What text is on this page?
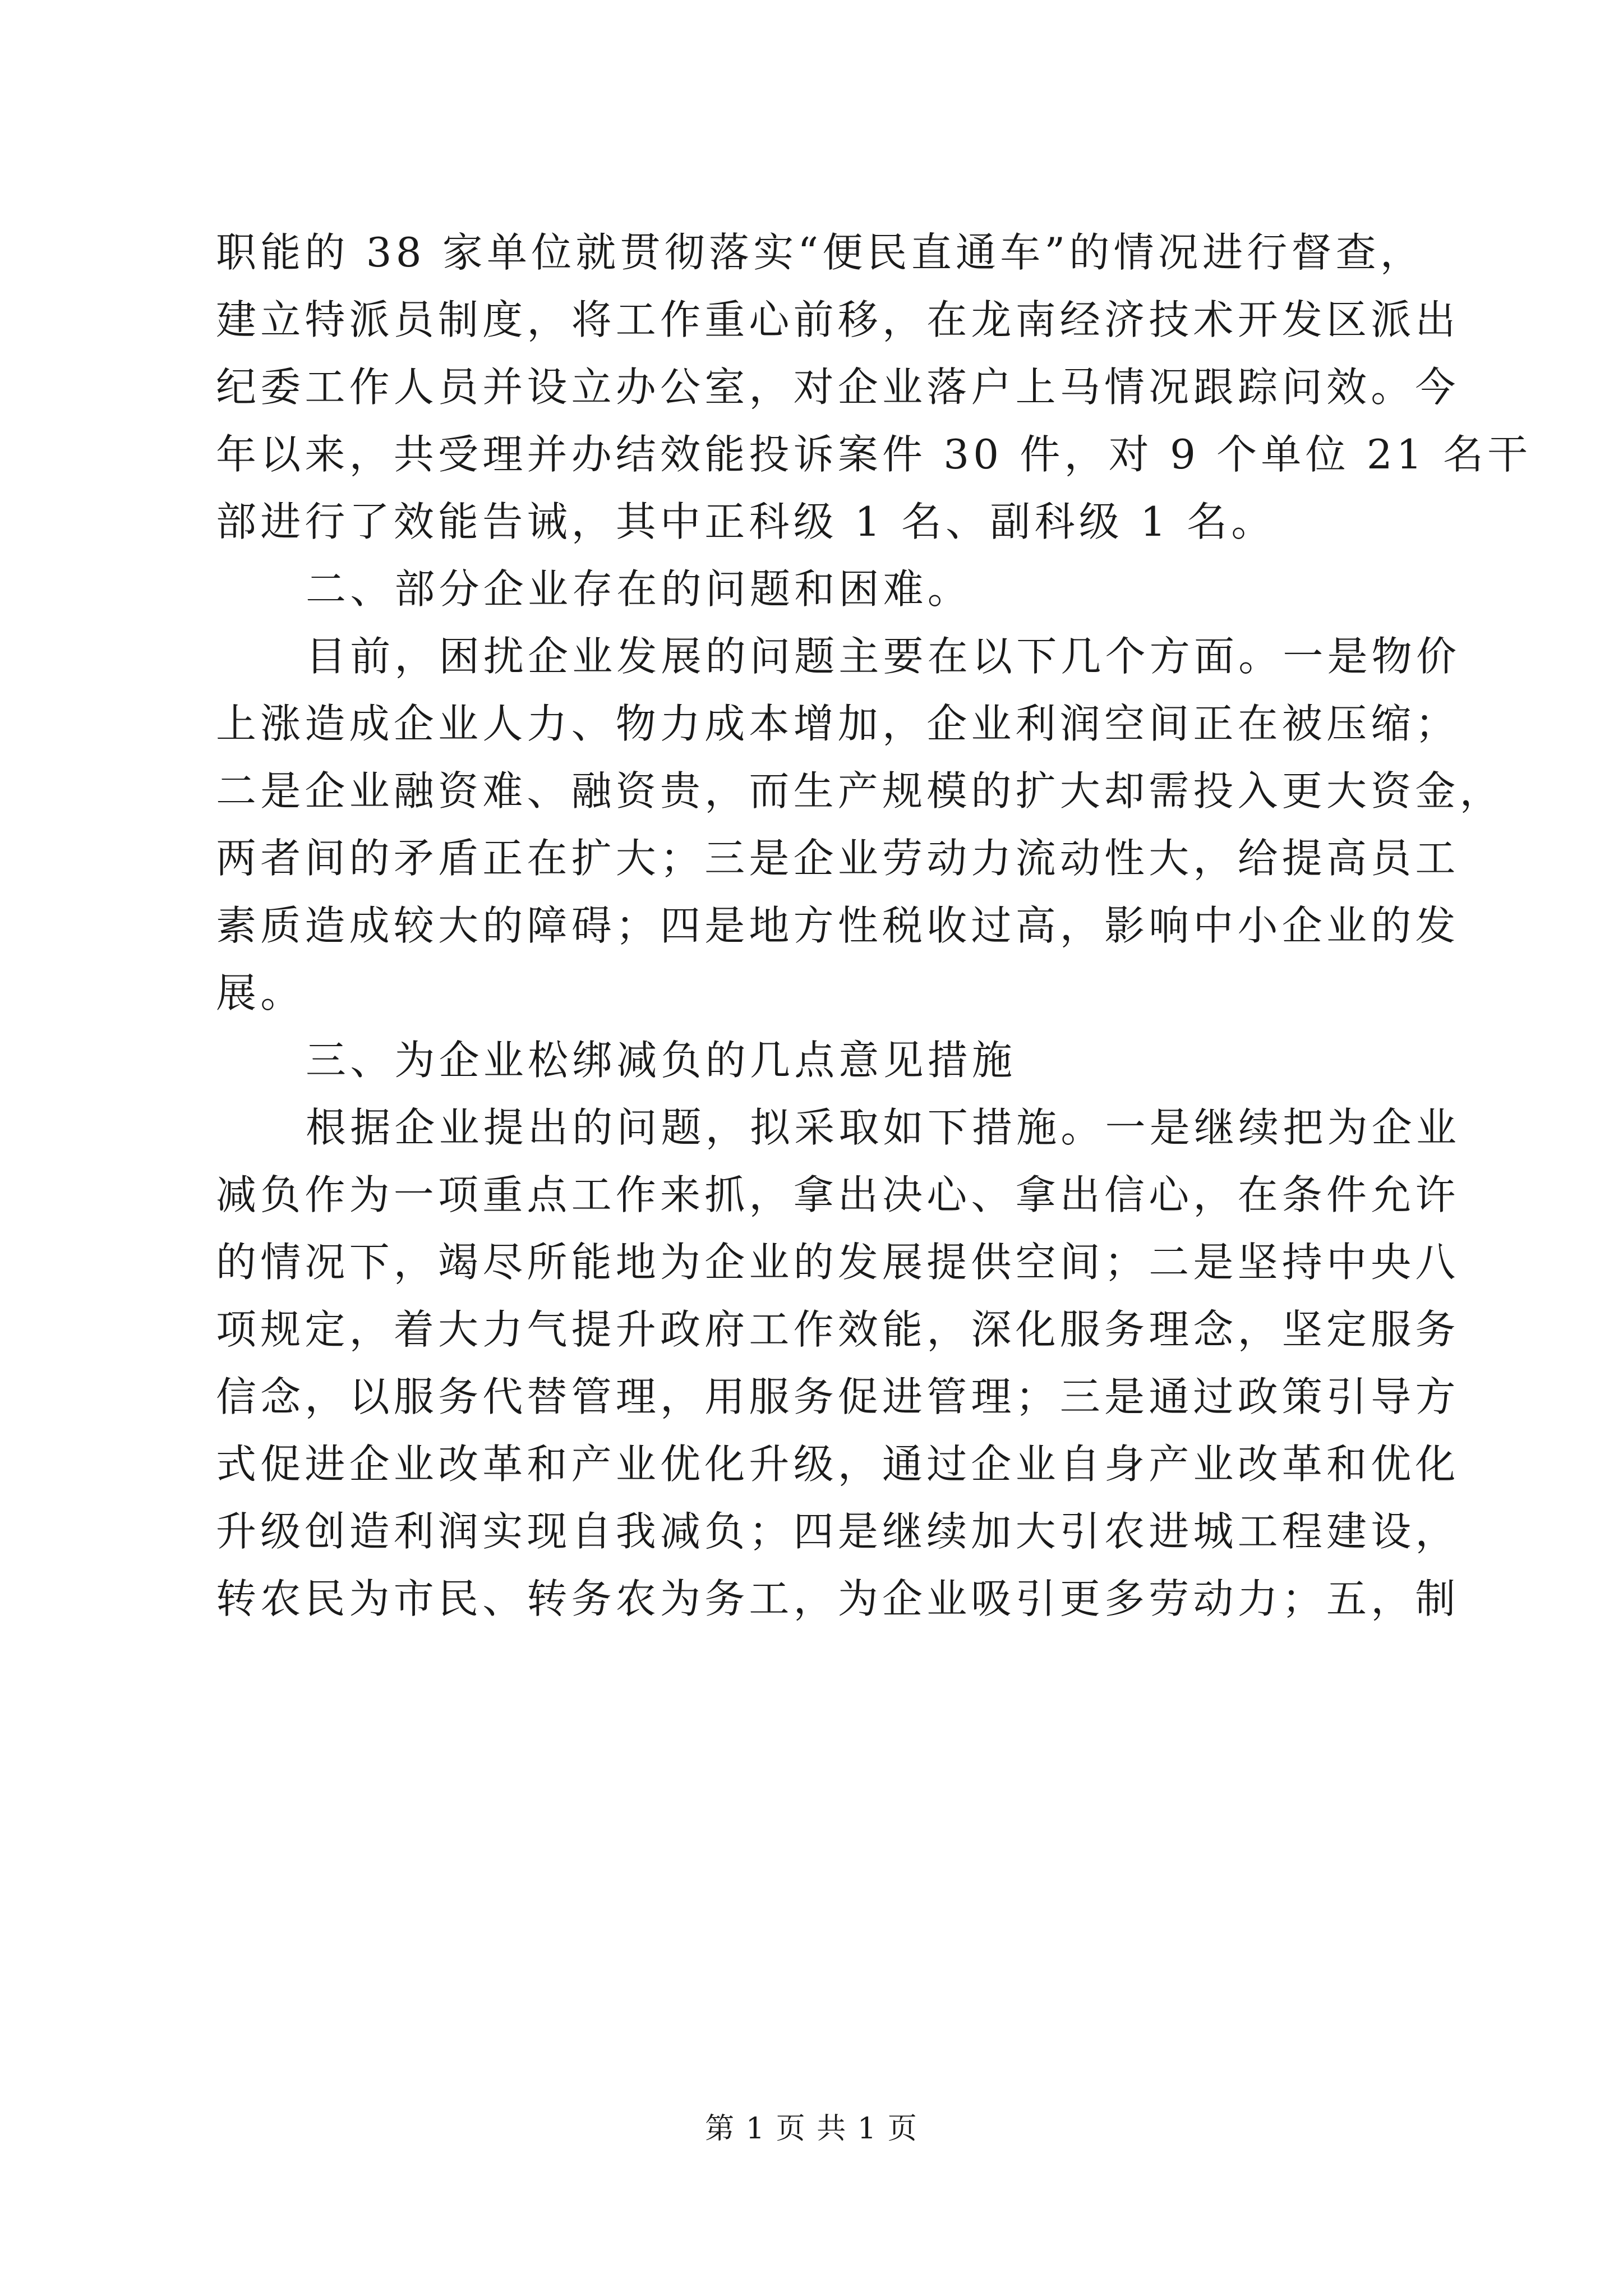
职能的 38 家单位就贯彻落实“便民直通车”的情况进行督查，
建立特派员制度，将工作重心前移，在龙南经济技术开发区派出
纪委工作人员并设立办公室，对企业落户上马情况跟踪问效。今
年以来，共受理并办结效能投诉案件 30 件，对 9 个单位 21 名干
部进行了效能告诫，其中正科级 1 名、副科级 1 名。
二、部分企业存在的问题和困难。
目前，困扰企业发展的问题主要在以下几个方面。一是物价
上涨造成企业人力、物力成本增加，企业利润空间正在被压缩；
二是企业融资难、融资贵，而生产规模的扩大却需投入更大资金，
两者间的矛盾正在扩大；三是企业劳动力流动性大，给提高员工
素质造成较大的障碍；四是地方性税收过高，影响中小企业的发
展。
三、为企业松绑减负的几点意见措施
根据企业提出的问题，拟采取如下措施。一是继续把为企业
减负作为一项重点工作来抓，拿出决心、拿出信心，在条件允许
的情况下，竭尽所能地为企业的发展提供空间；二是坚持中央八
项规定，着大力气提升政府工作效能，深化服务理念，坚定服务
信念，以服务代替管理，用服务促进管理；三是通过政策引导方
式促进企业改革和产业优化升级，通过企业自身产业改革和优化
升级创造利润实现自我减负；四是继续加大引农进城工程建设，
转农民为市民、转务农为务工，为企业吸引更多劳动力；五，制
第 1 页 共 1 页
